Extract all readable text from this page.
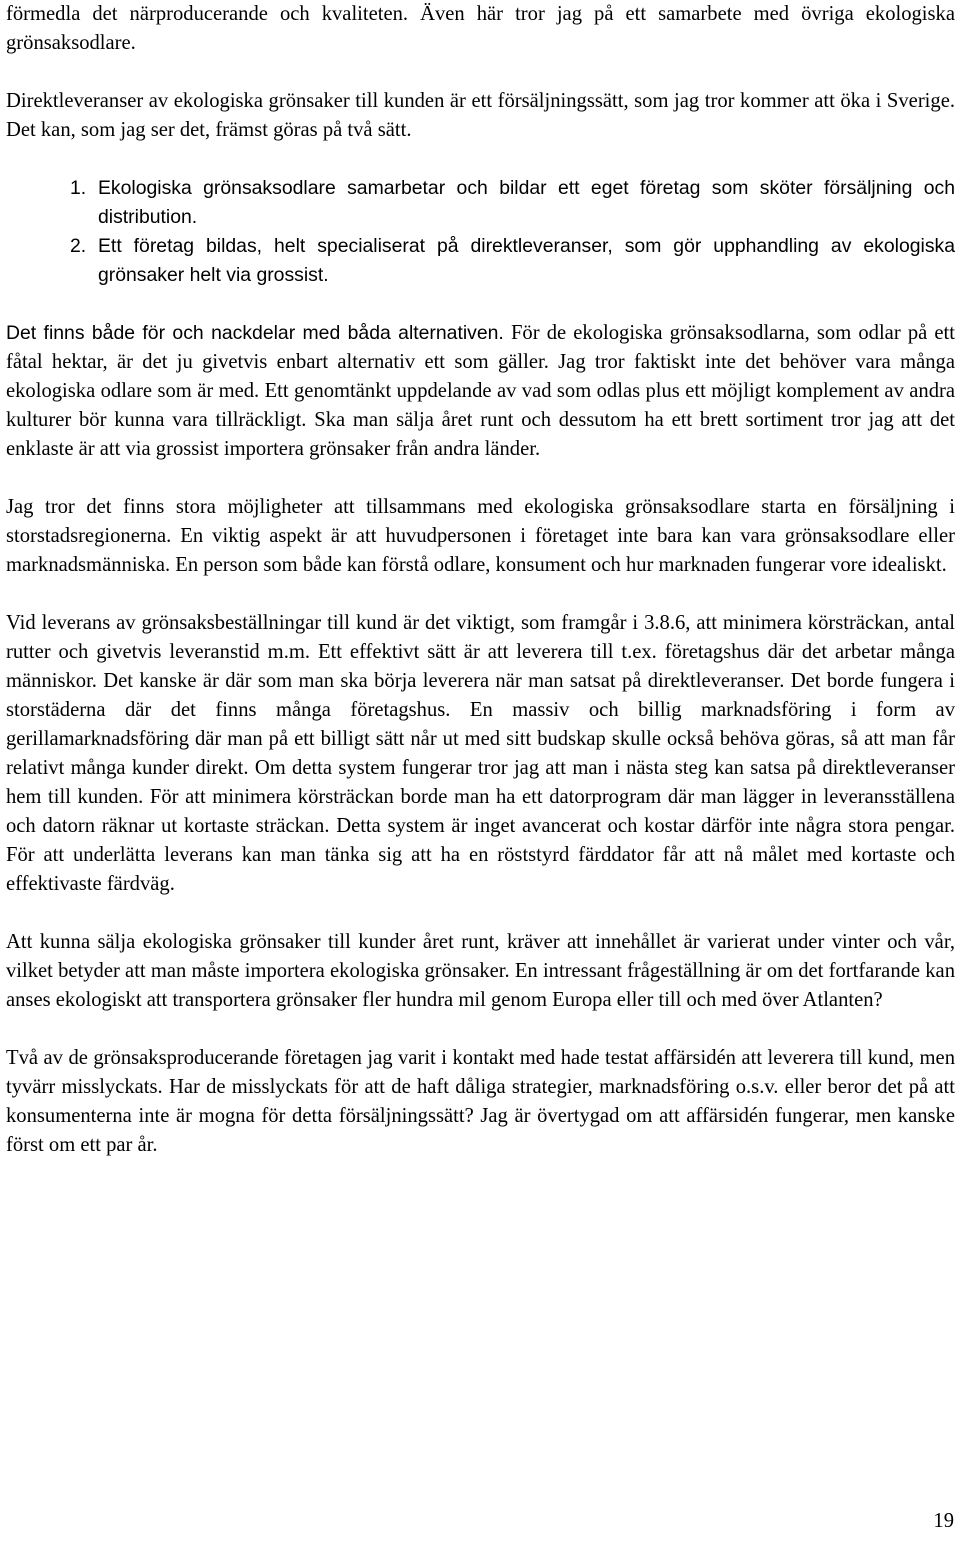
förmedla det närproducerande och kvaliteten. Även här tror jag på ett samarbete med övriga ekologiska grönsaksodlare.

Direktleveranser av ekologiska grönsaker till kunden är ett försäljningssätt, som jag tror kommer att öka i Sverige. Det kan, som jag ser det, främst göras på två sätt.

1. Ekologiska grönsaksodlare samarbetar och bildar ett eget företag som sköter försäljning och distribution.
2. Ett företag bildas, helt specialiserat på direktleveranser, som gör upphandling av ekologiska grönsaker helt via grossist.

Det finns både för och nackdelar med båda alternativen. För de ekologiska grönsaksodlarna, som odlar på ett fåtal hektar, är det ju givetvis enbart alternativ ett som gäller. Jag tror faktiskt inte det behöver vara många ekologiska odlare som är med. Ett genomtänkt uppdelande av vad som odlas plus ett möjligt komplement av andra kulturer bör kunna vara tillräckligt. Ska man sälja året runt och dessutom ha ett brett sortiment tror jag att det enklaste är att via grossist importera grönsaker från andra länder.

Jag tror det finns stora möjligheter att tillsammans med ekologiska grönsaksodlare starta en försäljning i storstadsregionerna. En viktig aspekt är att huvudpersonen i företaget inte bara kan vara grönsaksodlare eller marknadsmänniska. En person som både kan förstå odlare, konsument och hur marknaden fungerar vore idealiskt.

Vid leverans av grönsaksbeställningar till kund är det viktigt, som framgår i 3.8.6, att minimera körsträckan, antal rutter och givetvis leveranstid m.m. Ett effektivt sätt är att leverera till t.ex. företagshus där det arbetar många människor. Det kanske är där som man ska börja leverera när man satsat på direktleveranser. Det borde fungera i storstäderna där det finns många företagshus. En massiv och billig marknadsföring i form av gerillamarknadsföring där man på ett billigt sätt når ut med sitt budskap skulle också behöva göras, så att man får relativt många kunder direkt. Om detta system fungerar tror jag att man i nästa steg kan satsa på direktleveranser hem till kunden. För att minimera körsträckan borde man ha ett datorprogram där man lägger in leveransställena och datorn räknar ut kortaste sträckan. Detta system är inget avancerat och kostar därför inte några stora pengar. För att underlätta leverans kan man tänka sig att ha en röststyrd färddator får att nå målet med kortaste och effektivaste färdväg.

Att kunna sälja ekologiska grönsaker till kunder året runt, kräver att innehållet är varierat under vinter och vår, vilket betyder att man måste importera ekologiska grönsaker. En intressant frågeställning är om det fortfarande kan anses ekologiskt att transportera grönsaker fler hundra mil genom Europa eller till och med över Atlanten?

Två av de grönsaksproducerande företagen jag varit i kontakt med hade testat affärsidén att leverera till kund, men tyvärr misslyckats. Har de misslyckats för att de haft dåliga strategier, marknadsföring o.s.v. eller beror det på att konsumenterna inte är mogna för detta försäljningssätt? Jag är övertygad om att affärsidén fungerar, men kanske först om ett par år.

19
